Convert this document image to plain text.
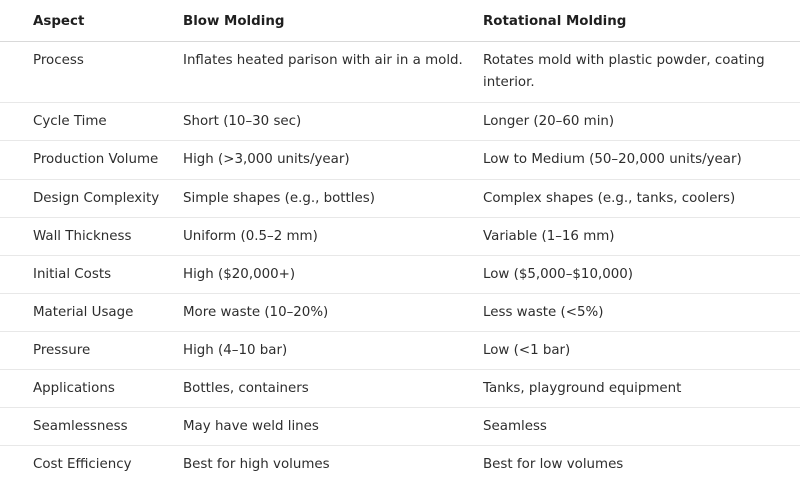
Aspect	Blow Molding	Rotational Molding
Process	Inflates heated parison with air in a mold.	Rotates mold with plastic powder, coating interior.
Cycle Time	Short (10–30 sec)	Longer (20–60 min)
Production Volume	High (>3,000 units/year)	Low to Medium (50–20,000 units/year)
Design Complexity	Simple shapes (e.g., bottles)	Complex shapes (e.g., tanks, coolers)
Wall Thickness	Uniform (0.5–2 mm)	Variable (1–16 mm)
Initial Costs	High ($20,000+)	Low ($5,000–$10,000)
Material Usage	More waste (10–20%)	Less waste (<5%)
Pressure	High (4–10 bar)	Low (<1 bar)
Applications	Bottles, containers	Tanks, playground equipment
Seamlessness	May have weld lines	Seamless
Cost Efficiency	Best for high volumes	Best for low volumes
